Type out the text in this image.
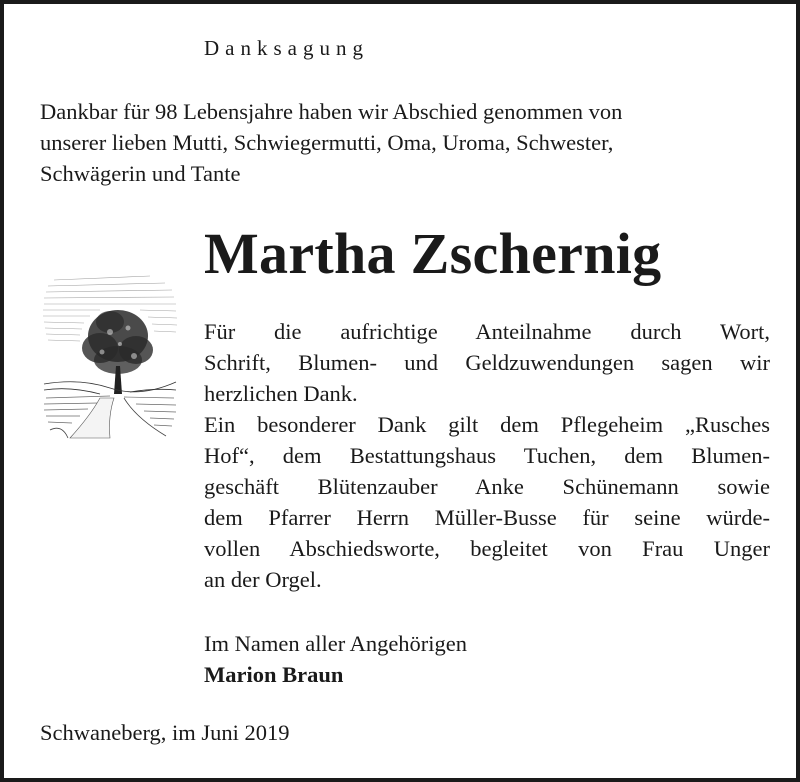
Danksagung
Dankbar für 98 Lebensjahre haben wir Abschied genommen von
unserer lieben Mutti, Schwiegermutti, Oma, Uroma, Schwester,
Schwägerin und Tante
Martha Zschernig
Für die aufrichtige Anteilnahme durch Wort,
Schrift, Blumen- und Geldzuwendungen sagen wir
herzlichen Dank.
Ein besonderer Dank gilt dem Pflegeheim „Rusches
Hof“, dem Bestattungshaus Tuchen, dem Blumen-
geschäft Blütenzauber Anke Schünemann sowie
dem Pfarrer Herrn Müller-Busse für seine würde-
vollen Abschiedsworte, begleitet von Frau Unger
an der Orgel.
Im Namen aller Angehörigen
Marion Braun
Schwaneberg, im Juni 2019
